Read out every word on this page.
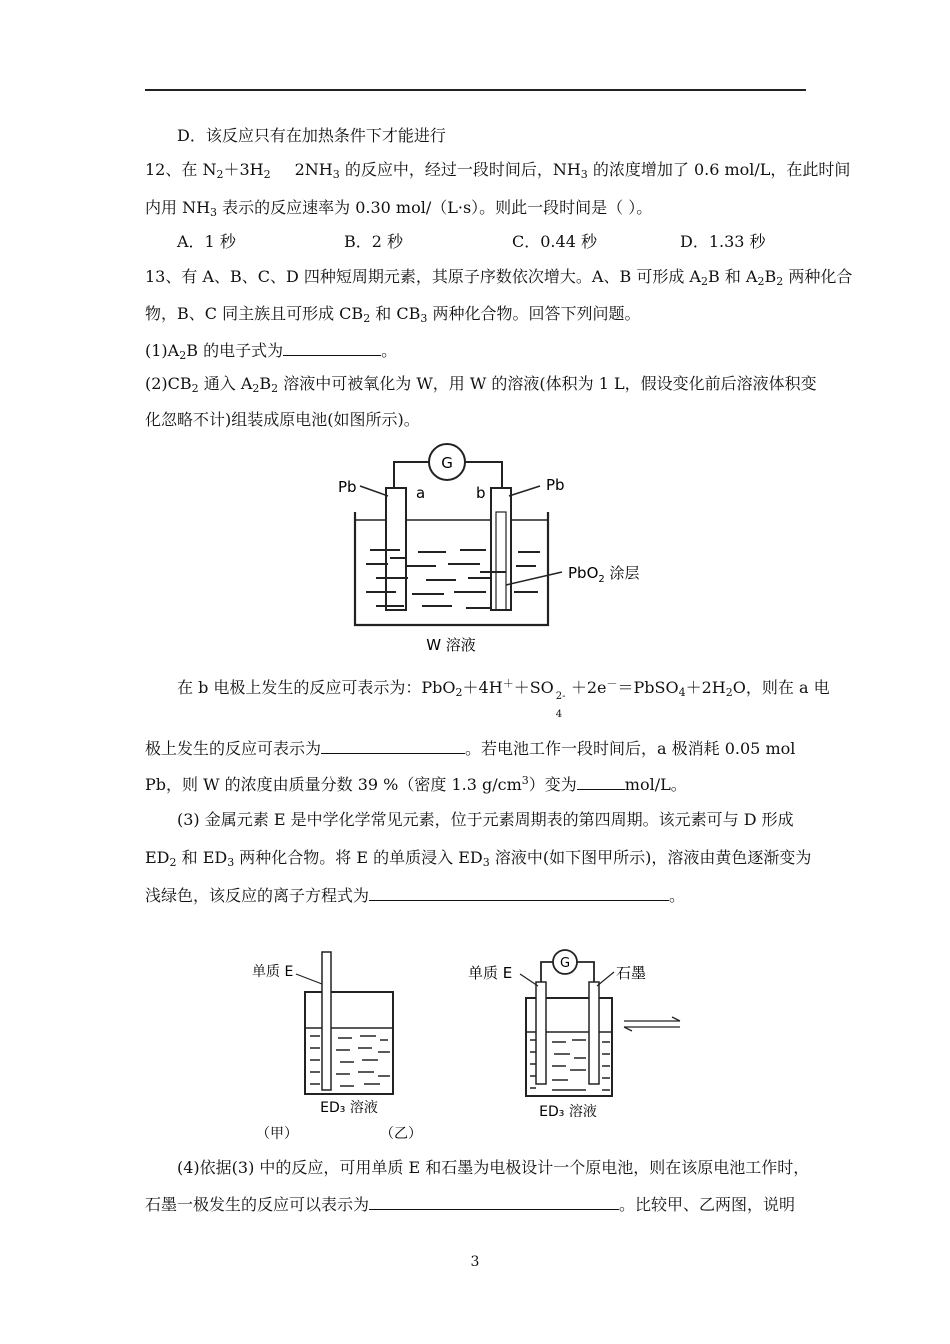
D．该反应只有在加热条件下才能进行
12、在 $N_2+3H_2$ $2NH_3$ 的反应中，经过一段时间后，$NH_3$ 的浓度增加了 0.6 mol/L，在此时间
内用 $NH_3$ 表示的反应速率为 0.30 mol/（L·s）。则此一段时间是（ ）。
A．1 秒	B．2 秒	C．0.44 秒	D．1.33 秒
13、有 A、B、C、D 四种短周期元素，其原子序数依次增大。A、B 可形成 $A_2B$ 和 $A_2B_2$ 两种化合
物，B、C 同主族且可形成 $CB_2$ 和 $CB_3$ 两种化合物。回答下列问题。
$(1)A_2B$ 的电子式为	。
$(2)CB_2$ 通入 $A_2B_2$ 溶液中可被氧化为 W，用 W 的溶液(体积为 1 L，假设变化前后溶液体积变
化忽略不计)组装成原电池(如图所示)。
G
Pb	Pb
a	b
PbO$_2$ 涂层
W 溶液
在 b 电极上发生的反应可表示为：PbO$_2$＋4H＋＋SO 2-
4
$+2e^-=PbSO_4+2H_2O$，则在 a 电
极上发生的反应可表示为	。若电池工作一段时间后，a 极消耗 0.05 mol
Pb，则 W 的浓度由质量分数 39 %（密度 1.3 $g/cm^3$）变为	mol/L。
(3) 金属元素 E 是中学化学常见元素，位于元素周期表的第四周期。该元素可与 D 形成
$ED_2$ 和 $ED_3$ 两种化合物。将 E 的单质浸入 $ED_3$ 溶液中(如下图甲所示)，溶液由黄色逐渐变为
浅绿色，该反应的离子方程式为	。
单质 E
ED₃ 溶液
（甲）
G
单质 E	石墨
ED₃ 溶液
（乙）
(4)依据(3) 中的反应，可用单质 E 和石墨为电极设计一个原电池，则在该原电池工作时，
石墨一极发生的反应可以表示为	。比较甲、乙两图，说明
3
